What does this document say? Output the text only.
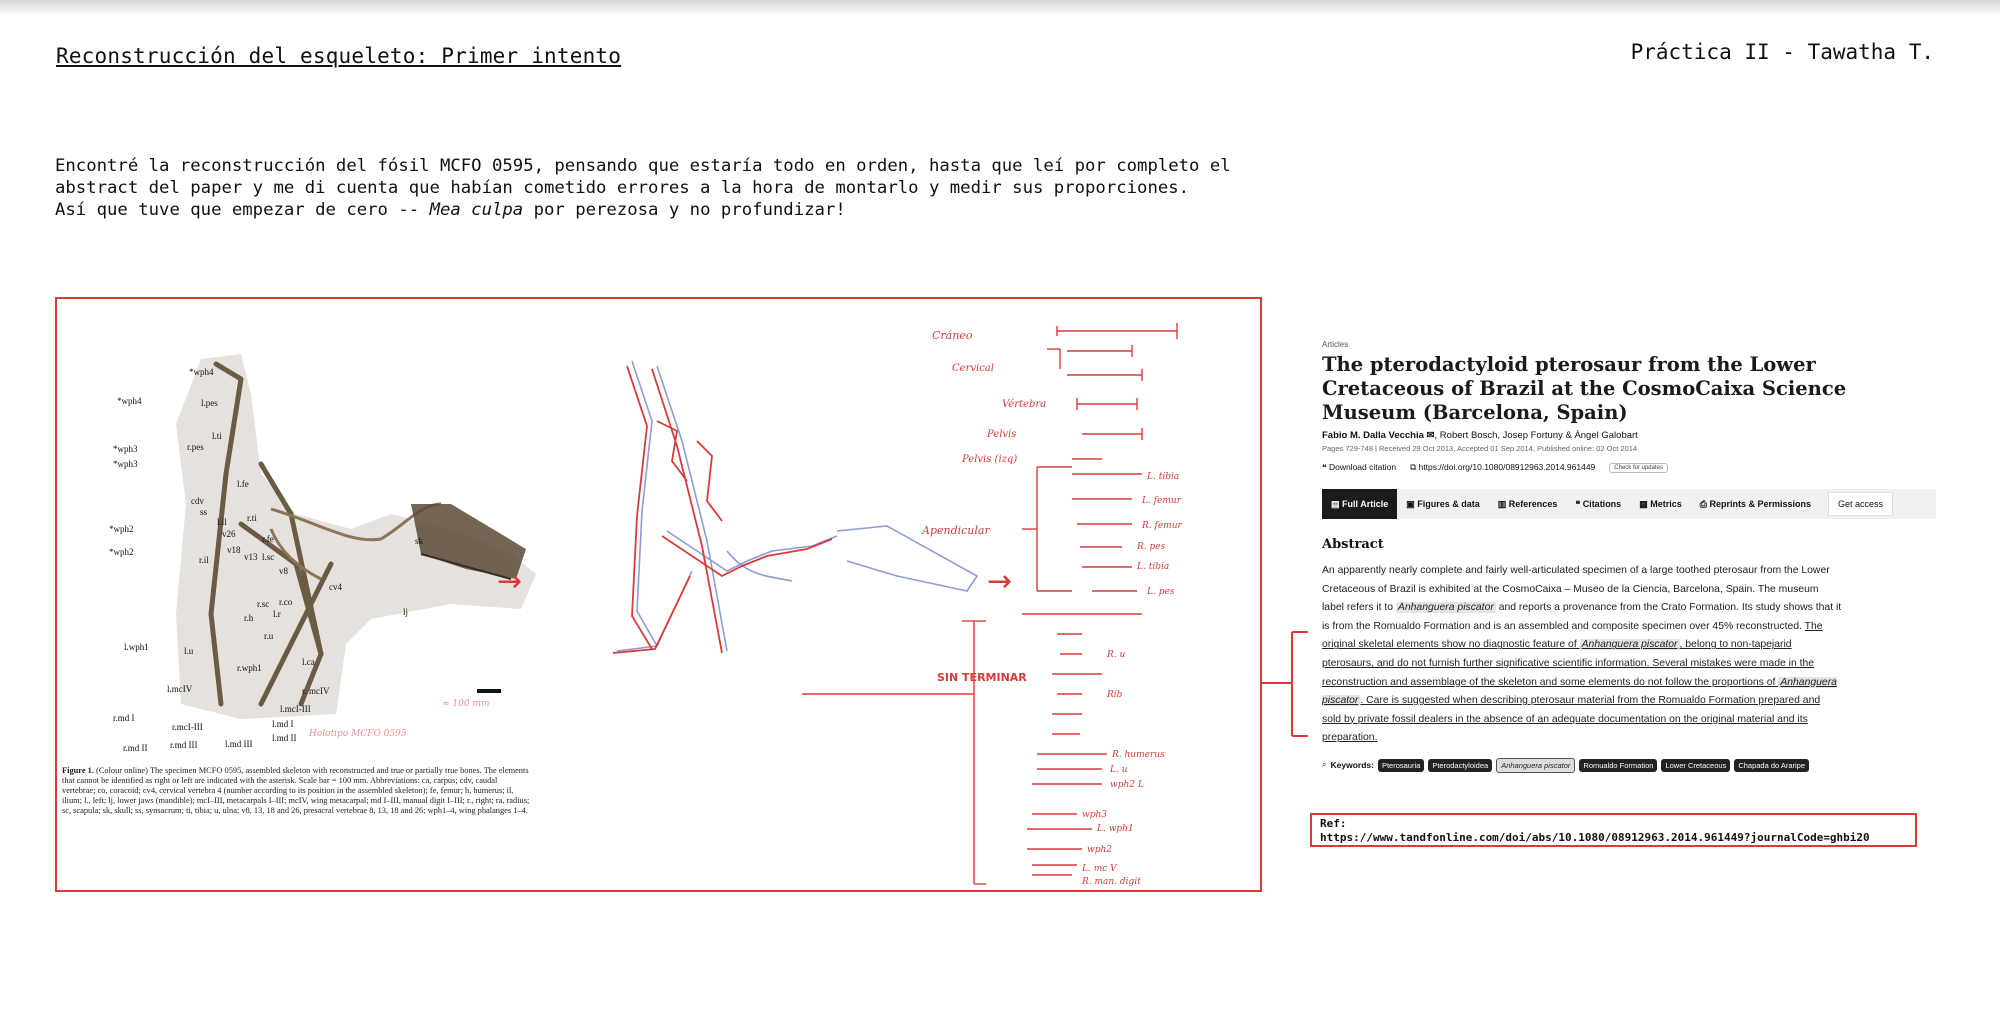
Reconstrucción del esqueleto: Primer intento	Práctica II - Tawatha T.
Encontré la reconstrucción del fósil MCFO 0595, pensando que estaría todo en orden, hasta que leí por completo el
abstract del paper y me di cuenta que habían cometido errores a la hora de montarlo y medir sus proporciones.
Así que tuve que empezar de cero -- Mea culpa por perezosa y no profundizar!
sk
cv4
*wph4
*wph4	l.pes
l.ti
*wph3
*wph3
r.pes
l.fe
cdv
ss
r.ti
l.il
v26
*wph2
r.fe
v18
v13 l.sc
*wph2
r.il
v8
r.sc r.co
r.h l.r	lj
r.u
l.wph1	l.u
r.wph1
l.ca
l.mcIV	r. mcIV
l.mcI-III
r.md I
r.mcI-III	l.md I
l.md II
r.md II	l.md III
r.md III
≈ 100 mm
Holotipo MCFO 0595
Figure 1. (Colour online) The specimen MCFO 0595, assembled skeleton with reconstructed and true or partially true bones. The elements that cannot be identified as right or left are indicated with the asterisk. Scale bar = 100 mm. Abbreviations: ca, carpus; cdv, caudal vertebrae; co, coracoid; cv4, cervical vertebra 4 (number according to its position in the assembled skeleton); fe, femur; h, humerus; il, ilium; l., left; lj, lower jaws (mandible); mcI–III, metacarpals I–III; mcIV, wing metacarpal; md I–III, manual digit I–III; r., right; ra, radius; sc, scapula; sk, skull; ss, synsacrum; ti, tibia; u, ulna; v8, 13, 18 and 26, presacral vertebrae 8, 13, 18 and 26; wph1–4, wing phalanges 1–4.
→	→
Cráneo
Cervical
Vértebra
Pelvis
Pelvis (izq)
Apendicular
L. tibia
L. femur
R. femur
R. pes
L. tibia
L. pes
R. u
Rib
R. humerus
L. u
wph2 L
wph3
L. wph1
wph2
L. mc V
R. man. digit
SIN TERMINAR
Articles
The pterodactyloid pterosaur from the Lower Cretaceous of Brazil at the CosmoCaixa Science Museum (Barcelona, Spain)
Fabio M. Dalla Vecchia ✉, Robert Bosch, Josep Fortuny & Àngel Galobart
Pages 729-748 | Received 29 Oct 2013, Accepted 01 Sep 2014, Published online: 02 Oct 2014
❝ Download citation ⧉ https://doi.org/10.1080/08912963.2014.961449	Check for updates
▤ Full Article	▣ Figures & data	▥ References	❝ Citations	▦ Metrics	⎙ Reprints & Permissions	Get access
Abstract
An apparently nearly complete and fairly well-articulated specimen of a large toothed pterosaur from the Lower Cretaceous of Brazil is exhibited at the CosmoCaixa – Museo de la Ciencia, Barcelona, Spain. The museum label refers it to Anhanguera piscator and reports a provenance from the Crato Formation. Its study shows that it is from the Romualdo Formation and is an assembled and composite specimen over 45% reconstructed. The original skeletal elements show no diagnostic feature of Anhanguera piscator , belong to non-tapejarid pterosaurs, and do not furnish further significative scientific information. Several mistakes were made in the reconstruction and assemblage of the skeleton and some elements do not follow the proportions of Anhanguera piscator . Care is suggested when describing pterosaur material from the Romualdo Formation prepared and sold by private fossil dealers in the absence of an adequate documentation on the original material and its preparation.
⌕ Keywords:	Pterosauria	Pterodactyloidea	Anhanguera piscator	Romualdo Formation	Lower Cretaceous	Chapada do Araripe
Ref:
https://www.tandfonline.com/doi/abs/10.1080/08912963.2014.961449?journalCode=ghbi20
